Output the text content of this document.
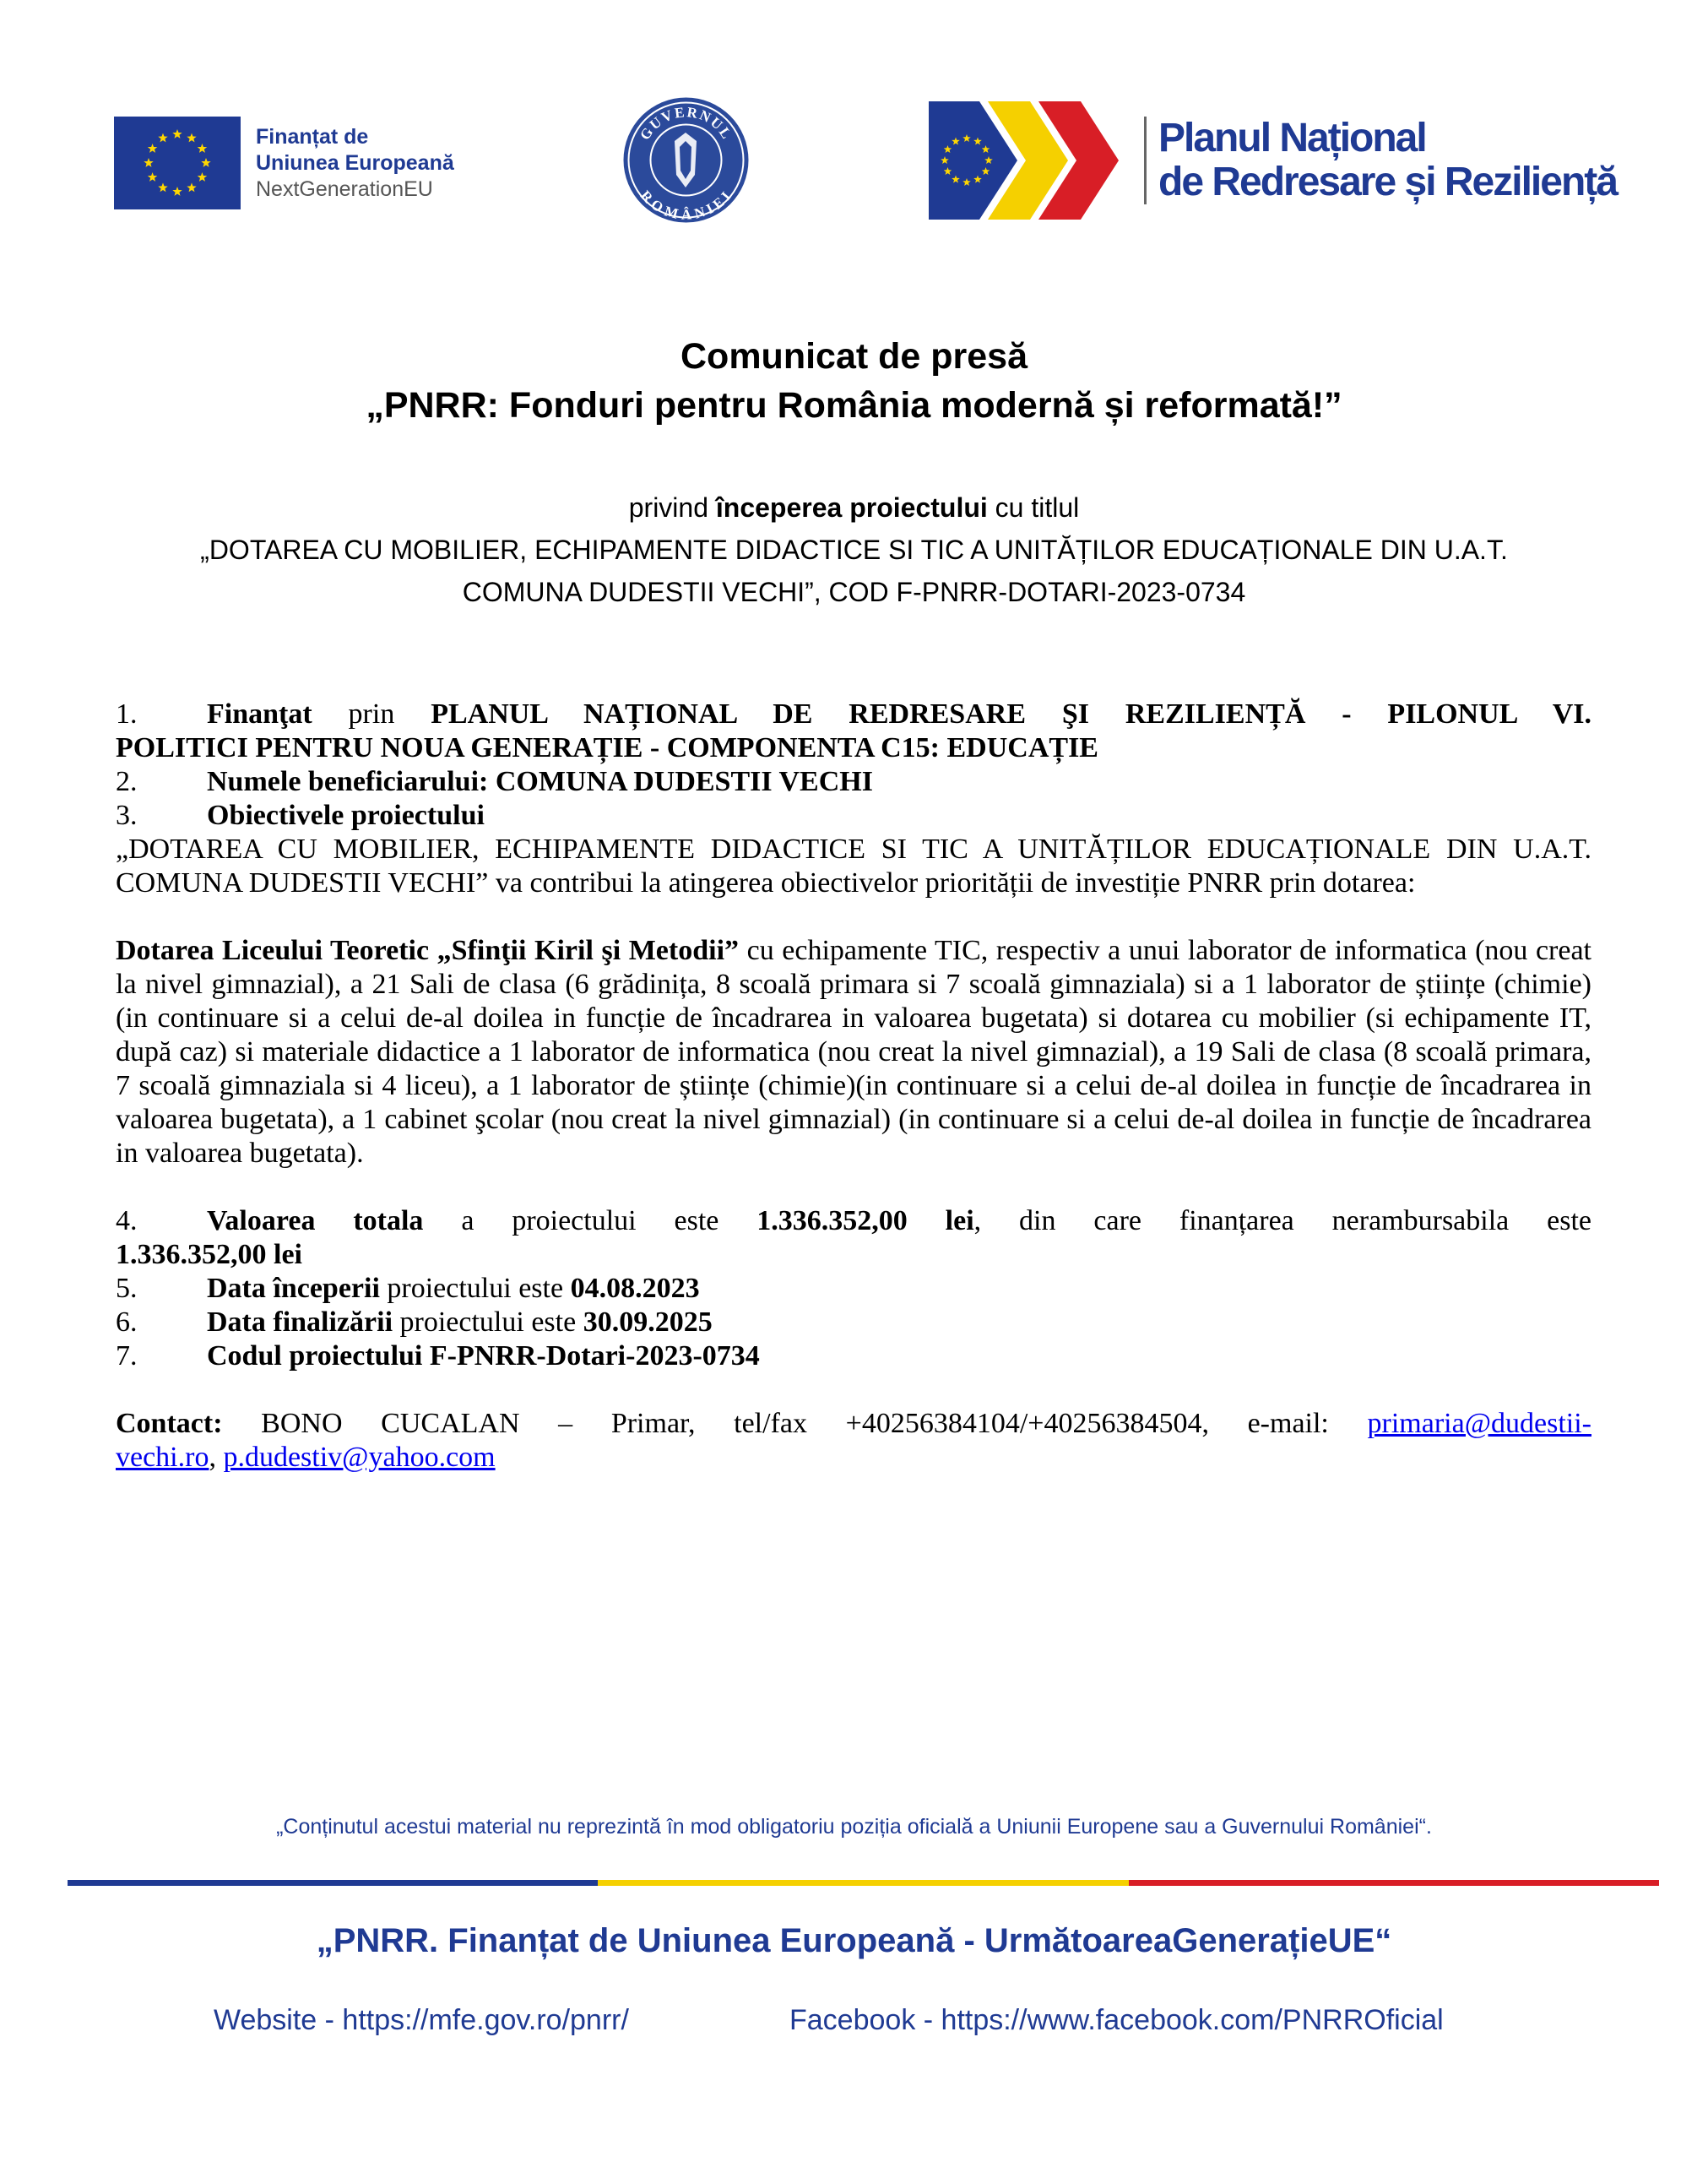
Finanțat de
Uniunea Europeană
NextGenerationEU
GUVERNUL
ROMÂNIEI
Planul Național
de Redresare și Reziliență
Comunicat de presă
„PNRR: Fonduri pentru România modernă și reformată!”
privind începerea proiectului cu titlul
„DOTAREA CU MOBILIER, ECHIPAMENTE DIDACTICE SI TIC A UNITĂȚILOR EDUCAȚIONALE DIN U.A.T.
COMUNA DUDESTII VECHI”, COD F-PNRR-DOTARI-2023-0734
1.	Finanţat prin PLANUL NAȚIONAL DE REDRESARE ŞI REZILIENȚĂ - PILONUL VI.
POLITICI PENTRU NOUA GENERAȚIE - COMPONENTA C15: EDUCAȚIE
2.	Numele beneficiarului: COMUNA DUDESTII VECHI
3.	Obiectivele proiectului
„DOTAREA CU MOBILIER, ECHIPAMENTE DIDACTICE SI TIC A UNITĂȚILOR EDUCAȚIONALE DIN U.A.T. COMUNA DUDESTII VECHI” va contribui la atingerea obiectivelor priorității de investiție PNRR prin dotarea:
Dotarea Liceului Teoretic „Sfinţii Kiril şi Metodii” cu echipamente TIC, respectiv a unui laborator de informatica (nou creat la nivel gimnazial), a 21 Sali de clasa (6 grădinița, 8 scoală primara si 7 scoală gimnaziala) si a 1 laborator de științe (chimie) (in continuare si a celui de-al doilea in funcție de încadrarea in valoarea bugetata) si dotarea cu mobilier (si echipamente IT, după caz) si materiale didactice a 1 laborator de informatica (nou creat la nivel gimnazial), a 19 Sali de clasa (8 scoală primara, 7 scoală gimnaziala si 4 liceu), a 1 laborator de științe (chimie)(in continuare si a celui de-al doilea in funcție de încadrarea in valoarea bugetata), a 1 cabinet şcolar (nou creat la nivel gimnazial) (in continuare si a celui de-al doilea in funcție de încadrarea in valoarea bugetata).
4.	Valoarea totala a proiectului este 1.336.352,00 lei, din care finanțarea nerambursabila este
1.336.352,00 lei
5.	Data începerii proiectului este 04.08.2023
6.	Data finalizării proiectului este 30.09.2025
7.	Codul proiectului F-PNRR-Dotari-2023-0734
Contact: BONO CUCALAN – Primar, tel/fax +40256384104/+40256384504, e-mail: primaria@dudestii-
vechi.ro, p.dudestiv@yahoo.com
„Conținutul acestui material nu reprezintă în mod obligatoriu poziția oficială a Uniunii Europene sau a Guvernului României“.
„PNRR. Finanțat de Uniunea Europeană - UrmătoareaGenerațieUE“
Website - https://mfe.gov.ro/pnrr/	Facebook - https://www.facebook.com/PNRROficial
